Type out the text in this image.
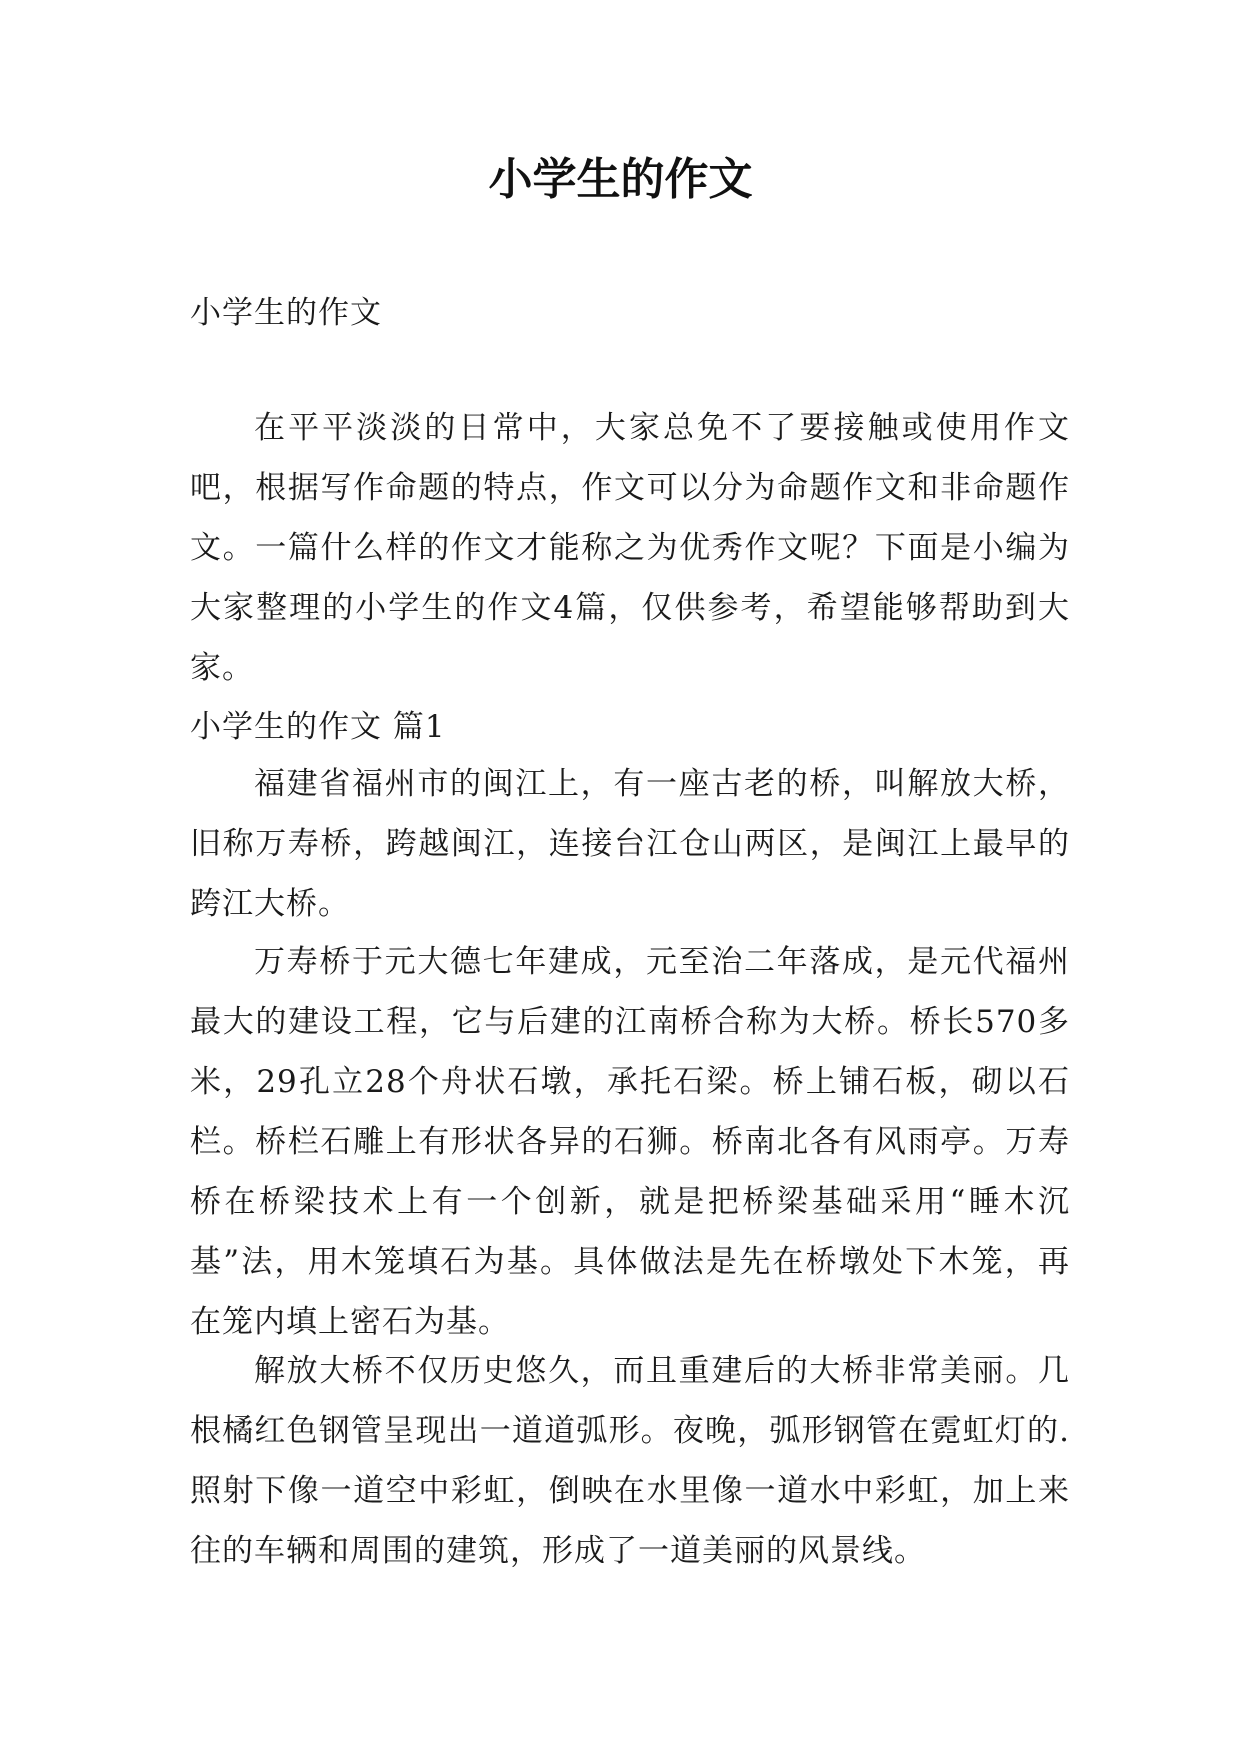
小学生的作文

小学生的作文

在平平淡淡的日常中，大家总免不了要接触或使用作文吧，根据写作命题的特点，作文可以分为命题作文和非命题作文。一篇什么样的作文才能称之为优秀作文呢？下面是小编为大家整理的小学生的作文4篇，仅供参考，希望能够帮助到大家。

小学生的作文 篇1

福建省福州市的闽江上，有一座古老的桥，叫解放大桥，旧称万寿桥，跨越闽江，连接台江仓山两区，是闽江上最早的跨江大桥。

万寿桥于元大德七年建成，元至治二年落成，是元代福州最大的建设工程，它与后建的江南桥合称为大桥。桥长570多米，29孔立28个舟状石墩，承托石梁。桥上铺石板，砌以石栏。桥栏石雕上有形状各异的石狮。桥南北各有风雨亭。万寿桥在桥梁技术上有一个创新，就是把桥梁基础采用“睡木沉基”法，用木笼填石为基。具体做法是先在桥墩处下木笼，再在笼内填上密石为基。

解放大桥不仅历史悠久，而且重建后的大桥非常美丽。几根橘红色钢管呈现出一道道弧形。夜晚，弧形钢管在霓虹灯的.照射下像一道空中彩虹，倒映在水里像一道水中彩虹，加上来往的车辆和周围的建筑，形成了一道美丽的风景线。
